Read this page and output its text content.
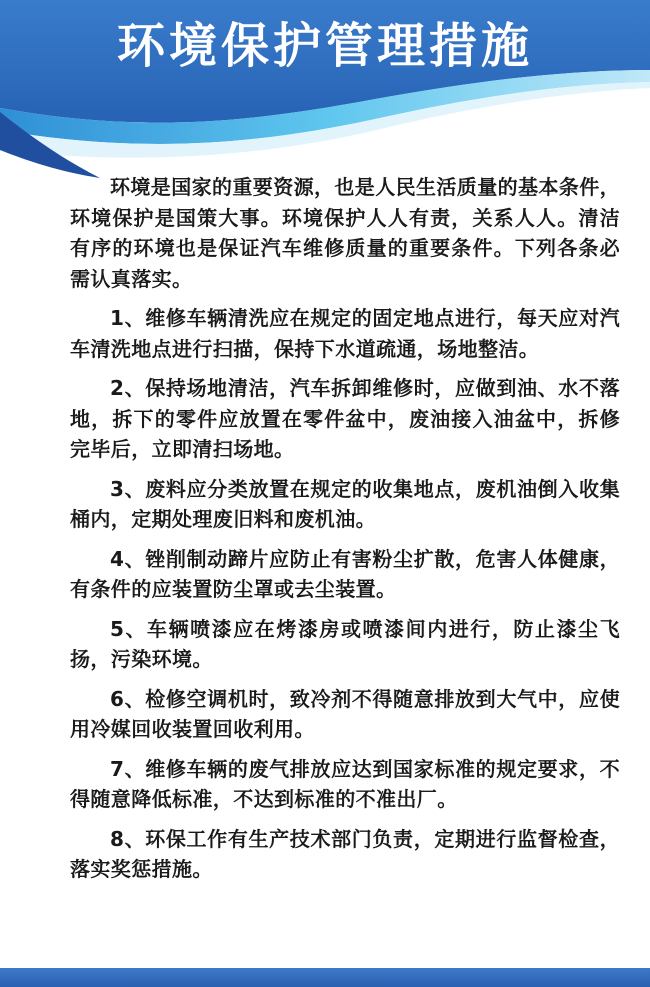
环境保护管理措施

环境是国家的重要资源，也是人民生活质量的基本条件，环境保护是国策大事。环境保护人人有责，关系人人。清洁有序的环境也是保证汽车维修质量的重要条件。下列各条必需认真落实。

1、维修车辆清洗应在规定的固定地点进行，每天应对汽车清洗地点进行扫描，保持下水道疏通，场地整洁。

2、保持场地清洁，汽车拆卸维修时，应做到油、水不落地，拆下的零件应放置在零件盆中，废油接入油盆中，拆修完毕后，立即清扫场地。

3、废料应分类放置在规定的收集地点，废机油倒入收集桶内，定期处理废旧料和废机油。

4、锉削制动蹄片应防止有害粉尘扩散，危害人体健康，有条件的应装置防尘罩或去尘装置。

5、车辆喷漆应在烤漆房或喷漆间内进行，防止漆尘飞扬，污染环境。

6、检修空调机时，致冷剂不得随意排放到大气中，应使用冷媒回收装置回收利用。

7、维修车辆的废气排放应达到国家标准的规定要求，不得随意降低标准，不达到标准的不准出厂。

8、环保工作有生产技术部门负责，定期进行监督检查，落实奖惩措施。
